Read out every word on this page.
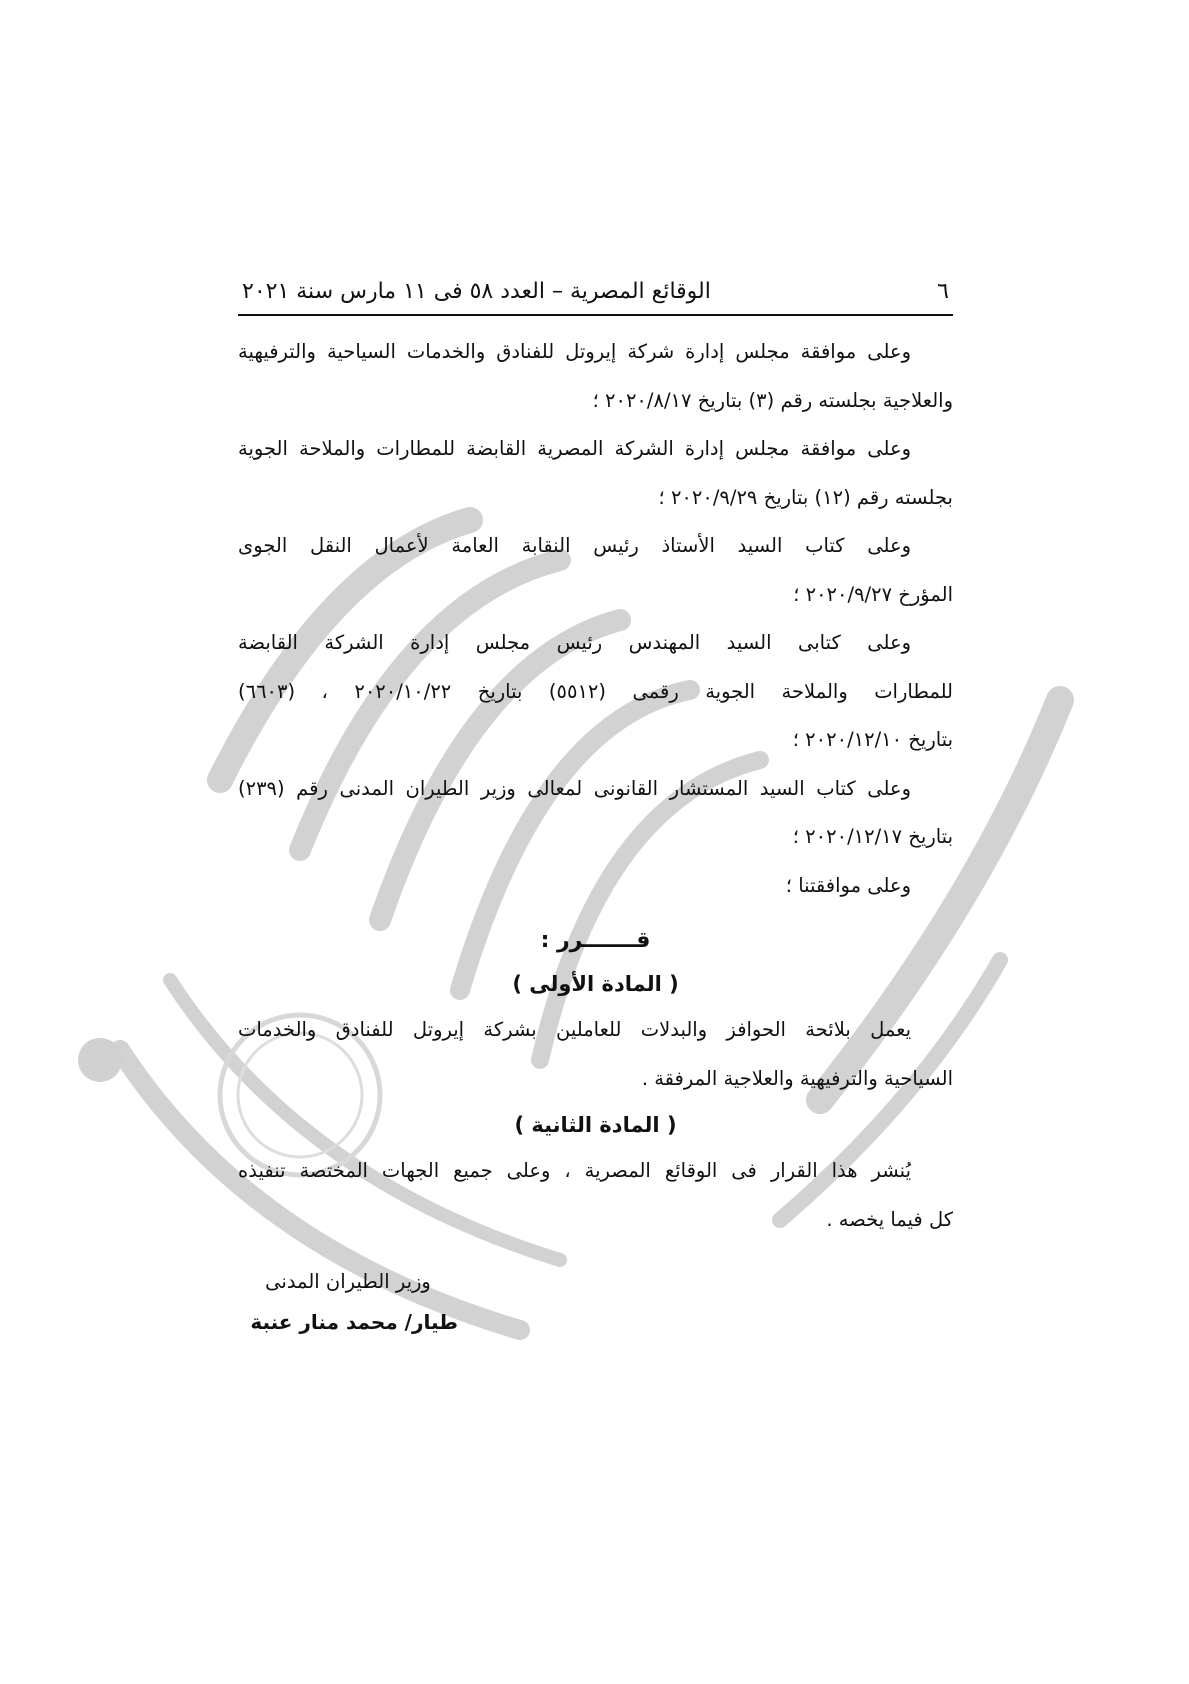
٦
الوقائع المصرية – العدد ٥٨ فى ١١ مارس سنة ٢٠٢١

وعلى موافقة مجلس إدارة شركة إيروتل للفنادق والخدمات السياحية والترفيهية
والعلاجية بجلسته رقم (٣) بتاريخ ٢٠٢٠/٨/١٧ ؛

وعلى موافقة مجلس إدارة الشركة المصرية القابضة للمطارات والملاحة الجوية
بجلسته رقم (١٢) بتاريخ ٢٠٢٠/٩/٢٩ ؛

وعلى كتاب السيد الأستاذ رئيس النقابة العامة لأعمال النقل الجوى
المؤرخ ٢٠٢٠/٩/٢٧ ؛

وعلى كتابى السيد المهندس رئيس مجلس إدارة الشركة القابضة
للمطارات والملاحة الجوية رقمى (٥٥١٢) بتاريخ ٢٠٢٠/١٠/٢٢ ، (٦٦٠٣)
بتاريخ ٢٠٢٠/١٢/١٠ ؛

وعلى كتاب السيد المستشار القانونى لمعالى وزير الطيران المدنى رقم (٢٣٩)
بتاريخ ٢٠٢٠/١٢/١٧ ؛

وعلى موافقتنا ؛

قـــــــرر :
( المادة الأولى )

يعمل بلائحة الحوافز والبدلات للعاملين بشركة إيروتل للفنادق والخدمات
السياحية والترفيهية والعلاجية المرفقة .

( المادة الثانية )

يُنشر هذا القرار فى الوقائع المصرية ، وعلى جميع الجهات المختصة تنفيذه
كل فيما يخصه .

وزير الطيران المدنى
طيار/ محمد منار عنبة
